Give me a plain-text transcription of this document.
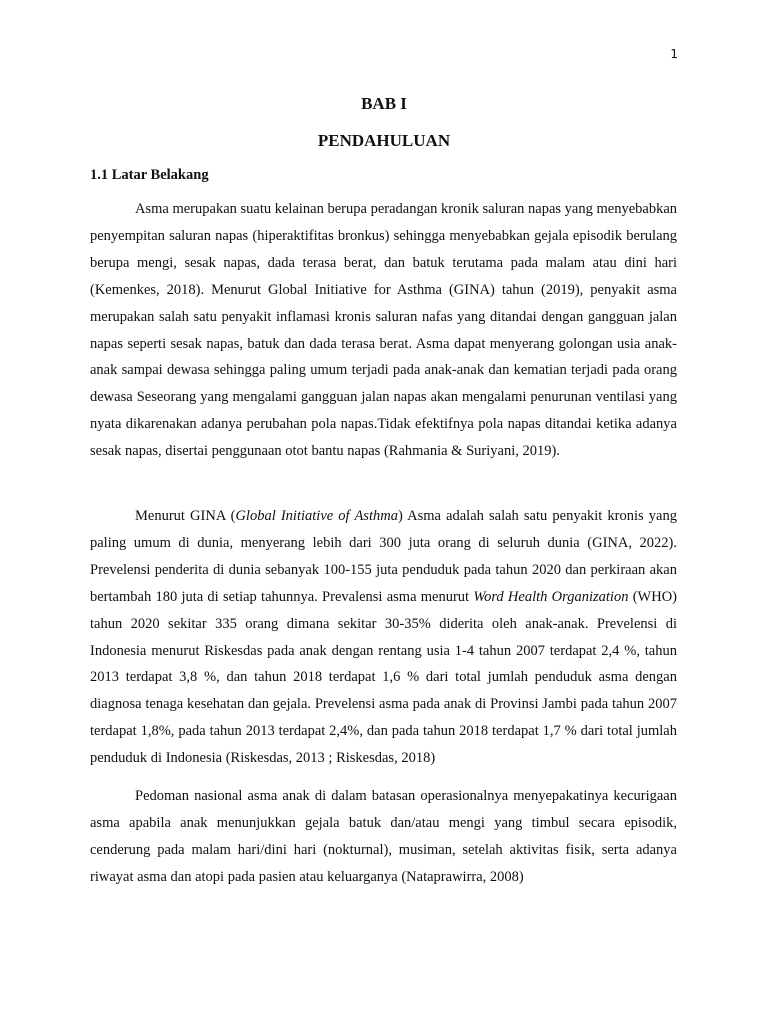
1
BAB I
PENDAHULUAN
1.1 Latar Belakang

Asma merupakan suatu kelainan berupa peradangan kronik saluran napas yang menyebabkan penyempitan saluran napas (hiperaktifitas bronkus) sehingga menyebabkan gejala episodik berulang berupa mengi, sesak napas, dada terasa berat, dan batuk terutama pada malam atau dini hari (Kemenkes, 2018). Menurut Global Initiative for Asthma (GINA) tahun (2019), penyakit asma merupakan salah satu penyakit inflamasi kronis saluran nafas yang ditandai dengan gangguan jalan napas seperti sesak napas, batuk dan dada terasa berat. Asma dapat menyerang golongan usia anak-anak sampai dewasa sehingga paling umum terjadi pada anak-anak dan kematian terjadi pada orang dewasa Seseorang yang mengalami gangguan jalan napas akan mengalami penurunan ventilasi yang nyata dikarenakan adanya perubahan pola napas.Tidak efektifnya pola napas ditandai ketika adanya sesak napas, disertai penggunaan otot bantu napas (Rahmania & Suriyani, 2019).

Menurut GINA (Global Initiative of Asthma) Asma adalah salah satu penyakit kronis yang paling umum di dunia, menyerang lebih dari 300 juta orang di seluruh dunia (GINA, 2022). Prevelensi penderita di dunia sebanyak 100-155 juta penduduk pada tahun 2020 dan perkiraan akan bertambah 180 juta di setiap tahunnya. Prevalensi asma menurut Word Health Organization (WHO) tahun 2020 sekitar 335 orang dimana sekitar 30-35% diderita oleh anak-anak. Prevelensi di Indonesia menurut Riskesdas pada anak dengan rentang usia 1-4 tahun 2007 terdapat 2,4 %, tahun 2013 terdapat 3,8 %, dan tahun 2018 terdapat 1,6 % dari total jumlah penduduk asma dengan diagnosa tenaga kesehatan dan gejala. Prevelensi asma pada anak di Provinsi Jambi pada tahun 2007 terdapat 1,8%, pada tahun 2013 terdapat 2,4%, dan pada tahun 2018 terdapat 1,7 % dari total jumlah penduduk di Indonesia (Riskesdas, 2013 ; Riskesdas, 2018)

Pedoman nasional asma anak di dalam batasan operasionalnya menyepakatinya kecurigaan asma apabila anak menunjukkan gejala batuk dan/atau mengi yang timbul secara episodik, cenderung pada malam hari/dini hari (nokturnal), musiman, setelah aktivitas fisik, serta adanya riwayat asma dan atopi pada pasien atau keluarganya (Nataprawirra, 2008)
